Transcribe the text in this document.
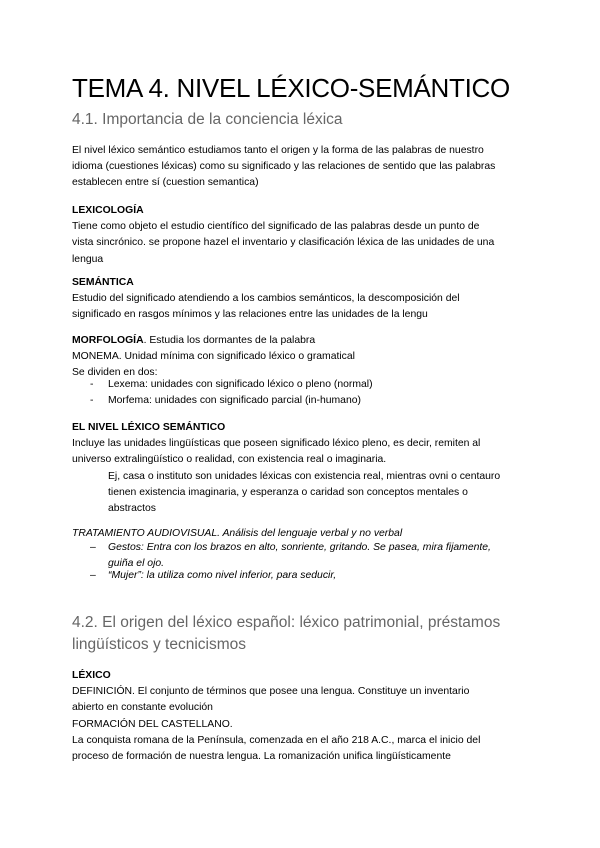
TEMA 4. NIVEL LÉXICO-SEMÁNTICO
4.1. Importancia de la conciencia léxica
El nivel léxico semántico estudiamos tanto el origen y la forma de las palabras de nuestro
idioma (cuestiones léxicas) como su significado y las relaciones de sentido que las palabras
establecen entre sí (cuestion semantica)
LEXICOLOGÍA
Tiene como objeto el estudio científico del significado de las palabras desde un punto de
vista sincrónico. se propone hazel el inventario y clasificación léxica de las unidades de una
lengua
SEMÁNTICA
Estudio del significado atendiendo a los cambios semánticos, la descomposición del
significado en rasgos mínimos y las relaciones entre las unidades de la lengu
MORFOLOGÍA. Estudia los dormantes de la palabra
MONEMA. Unidad mínima con significado léxico o gramatical
Se dividen en dos:
- Lexema: unidades con significado léxico o pleno (normal)
- Morfema: unidades con significado parcial (in-humano)
EL NIVEL LÉXICO SEMÁNTICO
Incluye las unidades lingüísticas que poseen significado léxico pleno, es decir, remiten al
universo extralingüístico o realidad, con existencia real o imaginaria.
Ej, casa o instituto son unidades léxicas con existencia real, mientras ovni o centauro
tienen existencia imaginaria, y esperanza o caridad son conceptos mentales o
abstractos
TRATAMIENTO AUDIOVISUAL. Análisis del lenguaje verbal y no verbal
– Gestos: Entra con los brazos en alto, sonriente, gritando. Se pasea, mira fijamente,
guiña el ojo.
– “Mujer”: la utiliza como nivel inferior, para seducir,
4.2. El origen del léxico español: léxico patrimonial, préstamos
lingüísticos y tecnicismos
LÉXICO
DEFINICIÓN. El conjunto de términos que posee una lengua. Constituye un inventario
abierto en constante evolución
FORMACIÓN DEL CASTELLANO.
La conquista romana de la Península, comenzada en el año 218 A.C., marca el inicio del
proceso de formación de nuestra lengua. La romanización unifica lingüísticamente
